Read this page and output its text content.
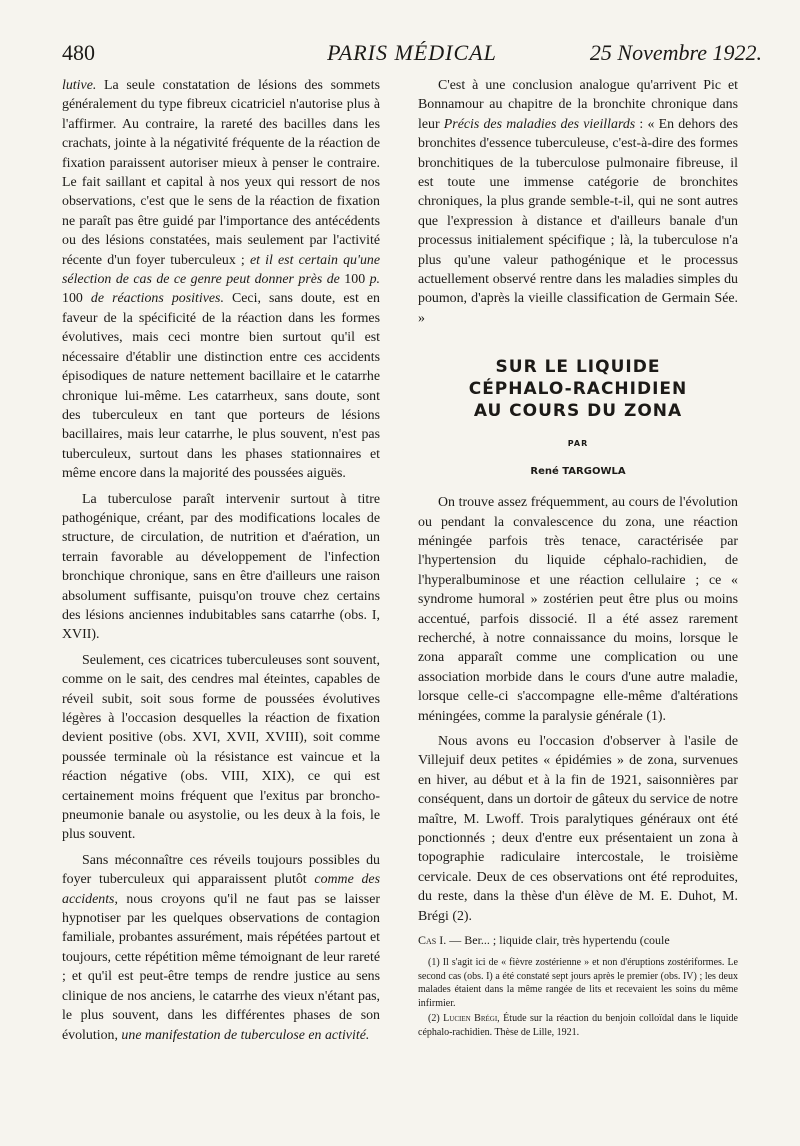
480	PARIS MÉDICAL	25 Novembre 1922.

lutive. La seule constatation de lésions des sommets généralement du type fibreux cicatriciel n'autorise plus à l'affirmer. Au contraire, la rareté des bacilles dans les crachats, jointe à la négativité fréquente de la réaction de fixation paraissent autoriser mieux à penser le contraire. Le fait saillant et capital à nos yeux qui ressort de nos observations, c'est que le sens de la réaction de fixation ne paraît pas être guidé par l'importance des antécédents ou des lésions constatées, mais seulement par l'activité récente d'un foyer tuberculeux ; et il est certain qu'une sélection de cas de ce genre peut donner près de 100 p. 100 de réactions positives. Ceci, sans doute, est en faveur de la spécificité de la réaction dans les formes évolutives, mais ceci montre bien surtout qu'il est nécessaire d'établir une distinction entre ces accidents épisodiques de nature nettement bacillaire et le catarrhe chronique lui-même. Les catarrheux, sans doute, sont des tuberculeux en tant que porteurs de lésions bacillaires, mais leur catarrhe, le plus souvent, n'est pas tuberculeux, surtout dans les phases stationnaires et même encore dans la majorité des poussées aiguës.

La tuberculose paraît intervenir surtout à titre pathogénique, créant, par des modifications locales de structure, de circulation, de nutrition et d'aération, un terrain favorable au développement de l'infection bronchique chronique, sans en être d'ailleurs une raison absolument suffisante, puisqu'on trouve chez certains des lésions anciennes indubitables sans catarrhe (obs. I, XVII).

Seulement, ces cicatrices tuberculeuses sont souvent, comme on le sait, des cendres mal éteintes, capables de réveil subit, soit sous forme de poussées évolutives légères à l'occasion desquelles la réaction de fixation devient positive (obs. XVI, XVII, XVIII), soit comme poussée terminale où la résistance est vaincue et la réaction négative (obs. VIII, XIX), ce qui est certainement moins fréquent que l'exitus par broncho-pneumonie banale ou asystolie, ou les deux à la fois, le plus souvent.

Sans méconnaître ces réveils toujours possibles du foyer tuberculeux qui apparaissent plutôt comme des accidents, nous croyons qu'il ne faut pas se laisser hypnotiser par les quelques observations de contagion familiale, probantes assurément, mais répétées partout et toujours, cette répétition même témoignant de leur rareté ; et qu'il est peut-être temps de rendre justice au sens clinique de nos anciens, le catarrhe des vieux n'étant pas, le plus souvent, dans les différentes phases de son évolution, une manifestation de tuberculose en activité.

C'est à une conclusion analogue qu'arrivent Pic et Bonnamour au chapitre de la bronchite chronique dans leur Précis des maladies des vieillards : « En dehors des bronchites d'essence tuberculeuse, c'est-à-dire des formes bronchitiques de la tuberculose pulmonaire fibreuse, il est toute une immense catégorie de bronchites chroniques, la plus grande semble-t-il, qui ne sont autres que l'expression à distance et d'ailleurs banale d'un processus initialement spécifique ; là, la tuberculose n'a plus qu'une valeur pathogénique et le processus actuellement observé rentre dans les maladies simples du poumon, d'après la vieille classification de Germain Sée. »

SUR LE LIQUIDE
CÉPHALO-RACHIDIEN
AU COURS DU ZONA
PAR
René TARGOWLA

On trouve assez fréquemment, au cours de l'évolution ou pendant la convalescence du zona, une réaction méningée parfois très tenace, caractérisée par l'hypertension du liquide céphalo-rachidien, de l'hyperalbuminose et une réaction cellulaire ; ce « syndrome humoral » zostérien peut être plus ou moins accentué, parfois dissocié. Il a été assez rarement recherché, à notre connaissance du moins, lorsque le zona apparaît comme une complication ou une association morbide dans le cours d'une autre maladie, lorsque celle-ci s'accompagne elle-même d'altérations méningées, comme la paralysie générale (1).

Nous avons eu l'occasion d'observer à l'asile de Villejuif deux petites « épidémies » de zona, survenues en hiver, au début et à la fin de 1921, saisonnières par conséquent, dans un dortoir de gâteux du service de notre maître, M. Lwoff. Trois paralytiques généraux ont été ponctionnés ; deux d'entre eux présentaient un zona à topographie radiculaire intercostale, le troisième cervicale. Deux de ces observations ont été reproduites, du reste, dans la thèse d'un élève de M. E. Duhot, M. Brégi (2).

Cas I. — Ber... ; liquide clair, très hypertendu (coule

(1) Il s'agit ici de « fièvre zostérienne » et non d'éruptions zostériformes. Le second cas (obs. I) a été constaté sept jours après le premier (obs. IV) ; les deux malades étaient dans la même rangée de lits et recevaient les soins du même infirmier.

(2) Lucien Brégi, Étude sur la réaction du benjoin colloïdal dans le liquide céphalo-rachidien. Thèse de Lille, 1921.
